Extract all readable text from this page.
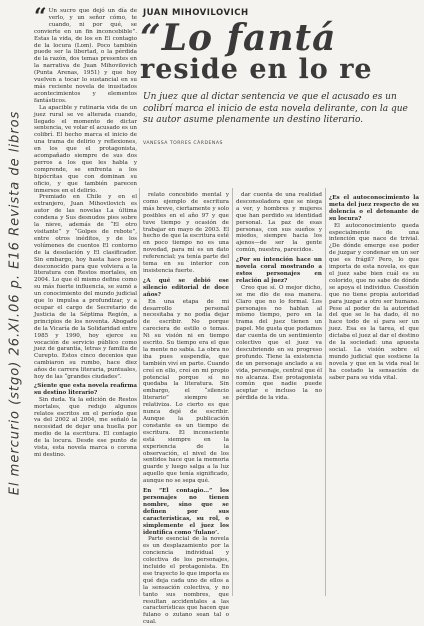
El mercurio (stgo) 26.XI.06 p. E16 Revista de libros

“ Un sucro que dejó un día de verlo, y un señor cómo, te cuando, ni por qué, se convierte en un fin inconcebible”. Estas la vida, de los en El contagio de la locura (Lom). Poco también puede ser la libertad, o la pérdida de la razón, dos temas presentes en la narrativa de Juan Mihovilovich (Punta Arenas, 1951) y que hoy vuelven a tocar lo sustancial en su más reciente novela de inusitados acontecimientos y elementos fantásticos.

La apacible y rutinaria vida de un juez rural se ve alterada cuando, llegado el momento de dictar sentencia, ve volar el acusado es un colibrí. El hecho marca el inicio de una trama de delirio y reflexiones, en los que el protagonista, acompañado siempre de sus dos perros a los que les habla y comprende, se enfrenta a los hipócritas que con dominan su oficio, y que también parecen inmersos en el delirio.

Premiado en Chile y en el extranjero, Juan Mihovilovich es autor de las novelas La última condena y Sus desnudos pies sobre la nieve, además de “El otro visitante” y “Golpes de rebote”, entre otros inéditos, y de los volúmenes de cuentos El contorno de la desolación y El clasificador. Sin embargo, hoy hasta hace poco desconocido para que volviera a la literatura con Restos mortales, en 2004. Lo que él mismo define como su más fuerte influencia, se sumó a un conocimiento del mundo judicial que lo impulsa a profundizar, y a ocupar el cargo de Secretario de Justicia de la Séptima Región, a principios de los noventa. Abogado de la Vicaría de la Solidaridad entre 1985 y 1990, hoy ejerce su vocación de servicio público como juez de garantía, letras y familia de Curepto. Estos cinco decenios que cambiaron su rumbo, hace diez años de carrera literaria, puntuales, hoy de las “grandes ciudades”.

¿Siente que esta novela reafirma su destino literario?

Sin duda. Ya la edición de Restos mortales, que redujo algunos relatos escritos en el período que va del 2002 al 2004, me señaló la necesidad de dejar una huella por medio de la escritura. El contagio de la locura. Desde ese punto de vista, esta novela marca o corona mi destino.

JUAN MIHOVILOVICH
“Lo fantá
reside en lo re
Un juez que al dictar sentencia ve que el acusado es un colibrí marca el inicio de esta novela delirante, con la que su autor asume plenamente un destino literario.
VANESSA TORRES CÁRDENAS

relato concebido mental y como ejemplo de escritura más breve, ciertamente y solo posibles en el año 97 y que tuve tiempo y ocasión de trabajar en mayo de 2003. El hecho de que la escritura esté en poco tiempo no es una novedad, para mí es un dato referencial; ya tenía parte del tema en su interior con insistencia fuerte.

¿A qué se debió ese silencio editorial de doce años?

En una etapa de mi desarrollo personal necesitaba y no podía dejar de escribir. No porque careciera de estilo o temas. Ni su visión ni en tiempo escrito. Su tiempo era el que la mente no sabía. La obra no iba pues suspendía, que también viví en parte. Cuando creí en ello, creí en mi propio potencial porque sí no quedaba la literatura. Sin embargo, el “silencio literario” siempre se relativiza. Lo cierto es que nunca dejé de escribir. Aunque la publicación constante es un tiempo de escritura. El inconsciente está siempre en la experiencia de la observación, el nivel de los sentidos hace que la memoria guarde y luego salga a la luz aquello que tenía significado, aunque no se sepa qué.

En “El contagio...” los personajes no tienen nombre, sino que se definen por sus características, su rol, o simplemente el juez los identifica como ‘fulano’.

Parte esencial de la novela es un desplazamiento por la conciencia individual y colectiva de los personajes, incluido el protagonista. En ese trayecto lo que importa es qué deja cada uno de ellos a la sensación colectiva, y no tanto sus nombres, que resultan accidentales a las características que hacen que fulano o zutano sean tal o cual.

dar cuenta de una realidad desconsoladora que se niega a ver, y hombres y mujeres que han perdido su identidad personal. La paz de esas personas, con sus sueños y miedos, siempre hacia los ajenos—de ser la gente común, nuestra, parecidos.

¿Por su intención hace un novela coral mostrando a estos personajes en relación al juez?

Creo que sí. O mejor dicho, se me dio de esa manera. Claro que no lo formal. Los personajes no hablan al mismo tiempo, pero en la trama del juez tienen un papel. Me gusta que podamos dar cuenta de un sentimiento colectivo que el juez va descubriendo en su progreso profundo. Tiene la existencia de un personaje anclado a su vida, personaje, central que él no alcanza. Ese protagonista común que nadie puede aceptar e incluso la no pérdida de la vida.

¿Es el autoconocimiento la meta del juez respecto de su dolencia o el detonante de su locura?

El autoconocimiento queda especialmente de una intención que nace de trivial. ¿De dónde emerge ese poder de juzgar y condenar en un ser que es frágil? Pero, lo que importa de esta novela, es que el juez sabe bien cuál es su colorido, que no sabe de dónde se apoya el individuo. Cuestión que no tiene propia autoridad para juzgar a otro ser humano. Pese al poder de la autoridad del que se le ha dado, él no hace todo de sí para ser un juez. Esa es la tarea, el que dictaba el juez al dar el destino de la sociedad: una apuesta social. La visión sobre el mundo judicial que sostiene la novela y que en la vida real le ha costado la sensación de saber para su vida vital.
